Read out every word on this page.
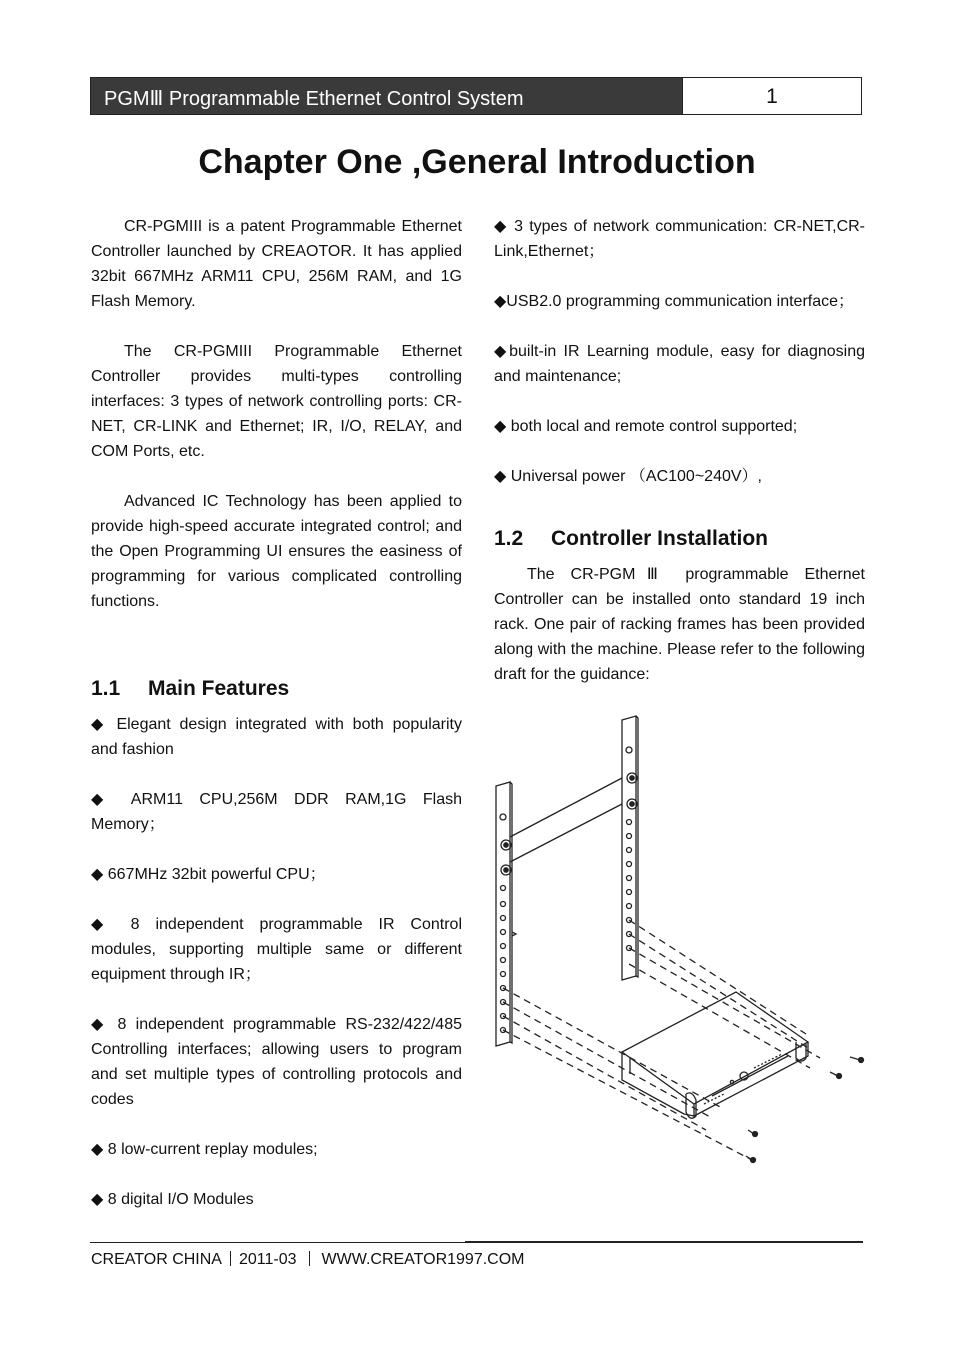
PGMⅢ Programmable Ethernet Control System	1
Chapter One ,General Introduction

CR-PGMIII is a patent Programmable Ethernet Controller launched by CREAOTOR. It has applied 32bit 667MHz ARM11 CPU, 256M RAM, and 1G Flash Memory.

The CR-PGMIII Programmable Ethernet Controller provides multi-types controlling interfaces: 3 types of network controlling ports: CR-NET, CR-LINK and Ethernet; IR, I/O, RELAY, and COM Ports, etc.

Advanced IC Technology has been applied to provide high-speed accurate integrated control; and the Open Programming UI ensures the easiness of programming for various complicated controlling functions.

1.1 Main Features

◆ Elegant design integrated with both popularity and fashion

◆ ARM11 CPU,256M DDR RAM,1G Flash Memory；

◆ 667MHz 32bit powerful CPU；

◆ 8 independent programmable IR Control modules, supporting multiple same or different equipment through IR；

◆ 8 independent programmable RS-232/422/485 Controlling interfaces; allowing users to program and set multiple types of controlling protocols and codes

◆ 8 low-current replay modules;

◆ 8 digital I/O Modules

◆ 3 types of network communication: CR-NET,CR-Link,Ethernet；

◆USB2.0 programming communication interface；

◆built-in IR Learning module, easy for diagnosing and maintenance;

◆ both local and remote control supported;

◆ Universal power （AC100~240V）,

1.2 Controller Installation

The CR-PGMⅢ programmable Ethernet Controller can be installed onto standard 19 inch rack. One pair of racking frames has been provided along with the machine. Please refer to the following draft for the guidance:

CREATOR CHINA 2011-03 WWW.CREATOR1997.COM
